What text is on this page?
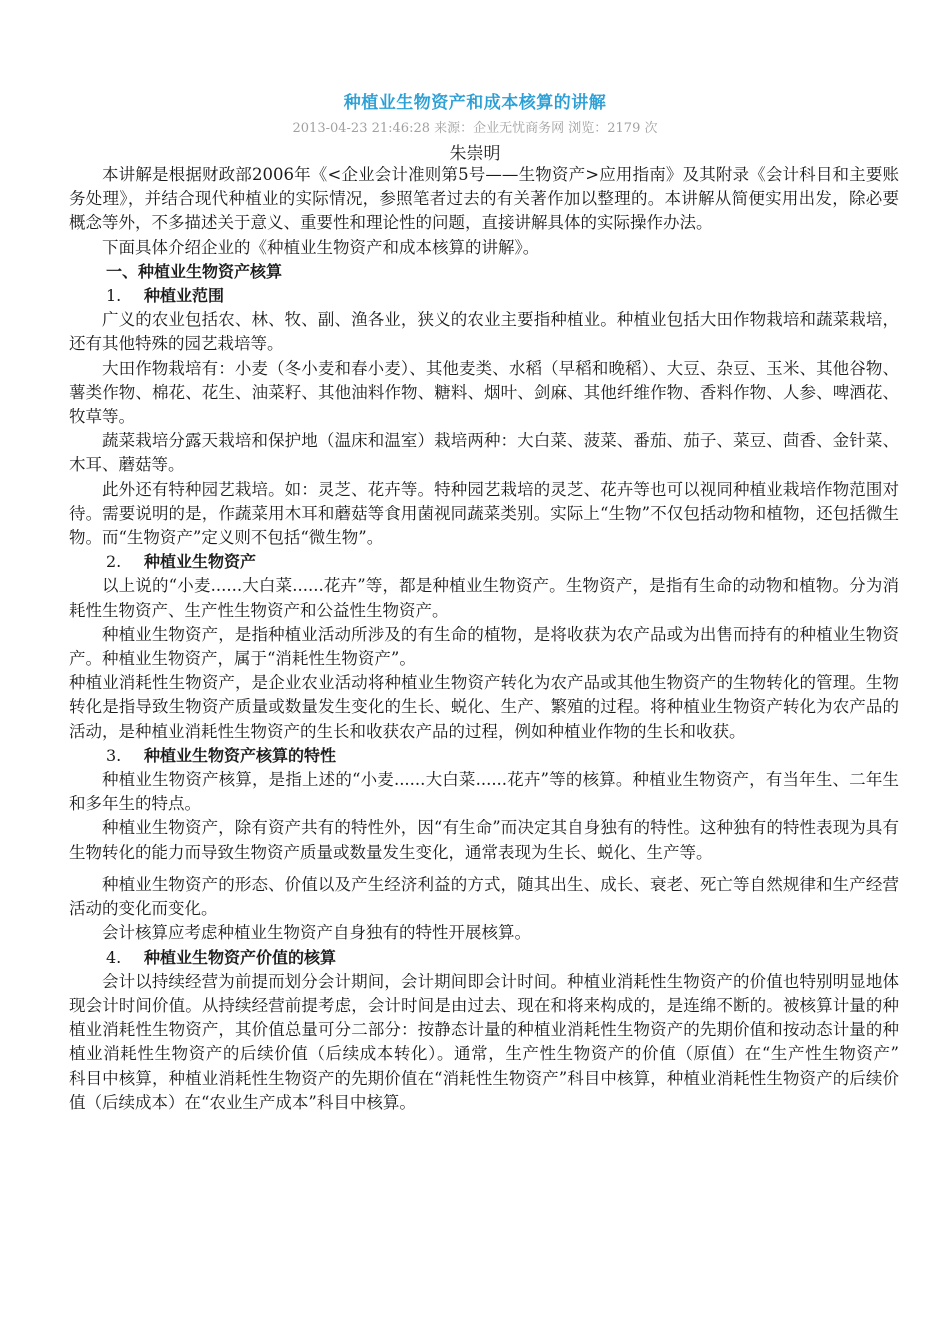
种植业生物资产和成本核算的讲解
2013-04-23 21:46:28 来源：企业无忧商务网 浏览：2179 次
朱崇明

本讲解是根据财政部2006年《<企业会计准则第5号——生物资产>应用指南》及其附录《会计科目和主要账务处理》，并结合现代种植业的实际情况，参照笔者过去的有关著作加以整理的。本讲解从简便实用出发，除必要概念等外，不多描述关于意义、重要性和理论性的问题，直接讲解具体的实际操作办法。

下面具体介绍企业的《种植业生物资产和成本核算的讲解》。

一、种植业生物资产核算

1. 种植业范围

广义的农业包括农、林、牧、副、渔各业，狭义的农业主要指种植业。种植业包括大田作物栽培和蔬菜栽培，还有其他特殊的园艺栽培等。

大田作物栽培有：小麦（冬小麦和春小麦）、其他麦类、水稻（早稻和晚稻）、大豆、杂豆、玉米、其他谷物、薯类作物、棉花、花生、油菜籽、其他油料作物、糖料、烟叶、剑麻、其他纤维作物、香料作物、人参、啤酒花、牧草等。

蔬菜栽培分露天栽培和保护地（温床和温室）栽培两种：大白菜、菠菜、番茄、茄子、菜豆、茴香、金针菜、木耳、蘑菇等。

此外还有特种园艺栽培。如：灵芝、花卉等。特种园艺栽培的灵芝、花卉等也可以视同种植业栽培作物范围对待。需要说明的是，作蔬菜用木耳和蘑菇等食用菌视同蔬菜类别。实际上“生物”不仅包括动物和植物，还包括微生物。而“生物资产”定义则不包括“微生物”。

2. 种植业生物资产

以上说的“小麦......大白菜......花卉”等，都是种植业生物资产。生物资产，是指有生命的动物和植物。分为消耗性生物资产、生产性生物资产和公益性生物资产。

种植业生物资产，是指种植业活动所涉及的有生命的植物，是将收获为农产品或为出售而持有的种植业生物资产。种植业生物资产，属于“消耗性生物资产”。

种植业消耗性生物资产，是企业农业活动将种植业生物资产转化为农产品或其他生物资产的生物转化的管理。生物转化是指导致生物资产质量或数量发生变化的生长、蜕化、生产、繁殖的过程。将种植业生物资产转化为农产品的活动，是种植业消耗性生物资产的生长和收获农产品的过程，例如种植业作物的生长和收获。

3. 种植业生物资产核算的特性

种植业生物资产核算，是指上述的“小麦......大白菜......花卉”等的核算。种植业生物资产，有当年生、二年生和多年生的特点。

种植业生物资产，除有资产共有的特性外，因“有生命”而决定其自身独有的特性。这种独有的特性表现为具有生物转化的能力而导致生物资产质量或数量发生变化，通常表现为生长、蜕化、生产等。

种植业生物资产的形态、价值以及产生经济利益的方式，随其出生、成长、衰老、死亡等自然规律和生产经营活动的变化而变化。

会计核算应考虑种植业生物资产自身独有的特性开展核算。

4. 种植业生物资产价值的核算

会计以持续经营为前提而划分会计期间，会计期间即会计时间。种植业消耗性生物资产的价值也特别明显地体现会计时间价值。从持续经营前提考虑，会计时间是由过去、现在和将来构成的，是连绵不断的。被核算计量的种植业消耗性生物资产，其价值总量可分二部分：按静态计量的种植业消耗性生物资产的先期价值和按动态计量的种植业消耗性生物资产的后续价值（后续成本转化）。通常，生产性生物资产的价值（原值）在“生产性生物资产”　科目中核算，种植业消耗性生物资产的先期价值在“消耗性生物资产”科目中核算，种植业消耗性生物资产的后续价值（后续成本）在“农业生产成本”科目中核算。
